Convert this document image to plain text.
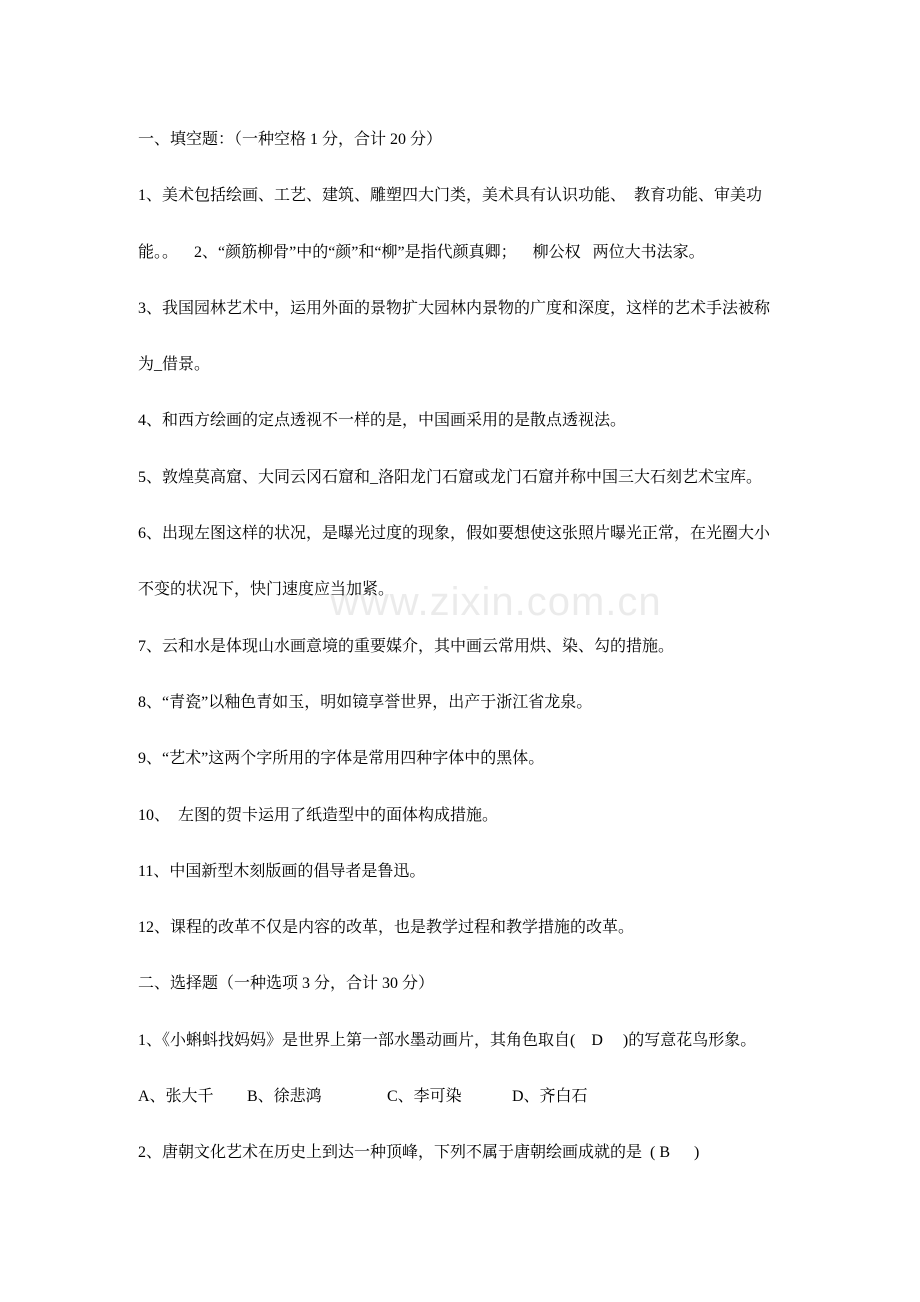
www.zixin.com.cn
一、填空题：（一种空格 1 分，合计 20 分）
1、美术包括绘画、工艺、建筑、雕塑四大门类，美术具有认识功能、  教育功能、审美功
能。。    2、“颜筋柳骨”中的“颜”和“柳”是指代颜真卿；    柳公权   两位大书法家。
3、我国园林艺术中，运用外面的景物扩大园林内景物的广度和深度，这样的艺术手法被称
为_借景。
4、和西方绘画的定点透视不一样的是，中国画采用的是散点透视法。
5、敦煌莫高窟、大同云冈石窟和_洛阳龙门石窟或龙门石窟并称中国三大石刻艺术宝库。
6、出现左图这样的状况，是曝光过度的现象，假如要想使这张照片曝光正常，在光圈大小
不变的状况下，快门速度应当加紧。
7、云和水是体现山水画意境的重要媒介，其中画云常用烘、染、勾的措施。
8、“青瓷”以釉色青如玉，明如镜享誉世界，出产于浙江省龙泉。
9、“艺术”这两个字所用的字体是常用四种字体中的黑体。
10、  左图的贺卡运用了纸造型中的面体构成措施。
11、中国新型木刻版画的倡导者是鲁迅。
12、课程的改革不仅是内容的改革，也是教学过程和教学措施的改革。
二、选择题（一种选项 3 分，合计 30 分）
1、《小蝌蚪找妈妈》是世界上第一部水墨动画片，其角色取自(    D     )的写意花鸟形象。

A、张大千

B、徐悲鸿

	C、李可染

	D、齐白石

2、唐朝文化艺术在历史上到达一种顶峰，下列不属于唐朝绘画成就的是  ( B      )
